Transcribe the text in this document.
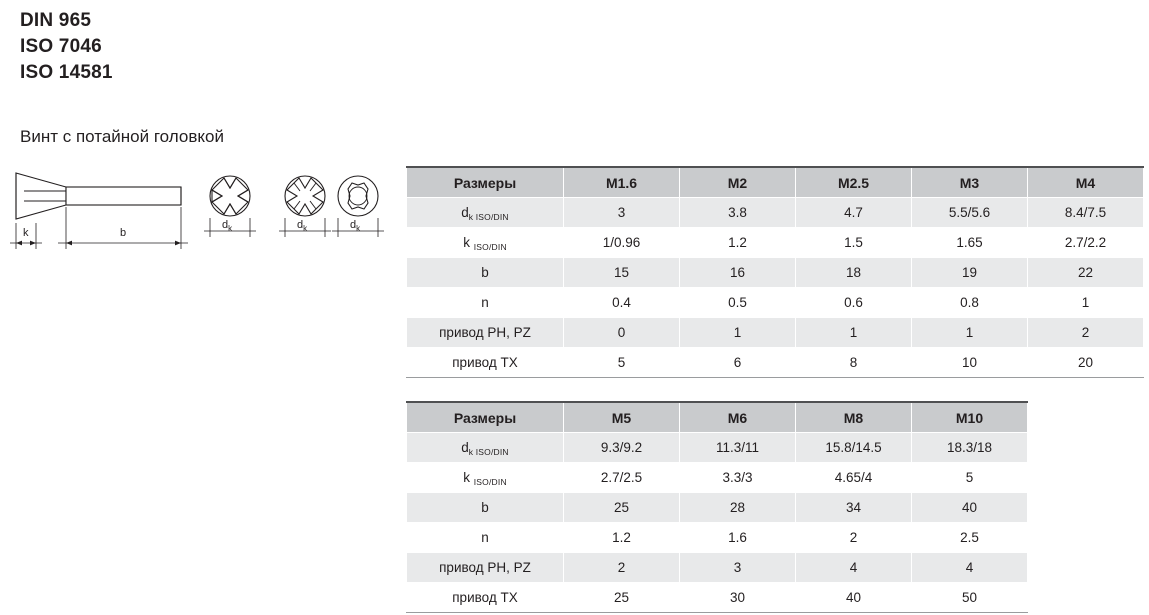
DIN 965
ISO 7046
ISO 14581
Винт с потайной головкой
k	b
$d_k$	$d_k$	$d_k$
Размеры	M1.6	M2	M2.5	M3	M4
$d_{k ISO/DIN}$	3	3.8	4.7	5.5/5.6	8.4/7.5
k $_{ISO/DIN}$	1/0.96	1.2	1.5	1.65	2.7/2.2
b	15	16	18	19	22
n	0.4	0.5	0.6	0.8	1
привод PH, PZ	0	1	1	1	2
привод TX	5	6	8	10	20
Размеры	M5	M6	M8	M10
$d_{k ISO/DIN}$	9.3/9.2	11.3/11	15.8/14.5	18.3/18
k $_{ISO/DIN}$	2.7/2.5	3.3/3	4.65/4	5
b	25	28	34	40
n	1.2	1.6	2	2.5
привод PH, PZ	2	3	4	4
привод TX	25	30	40	50
